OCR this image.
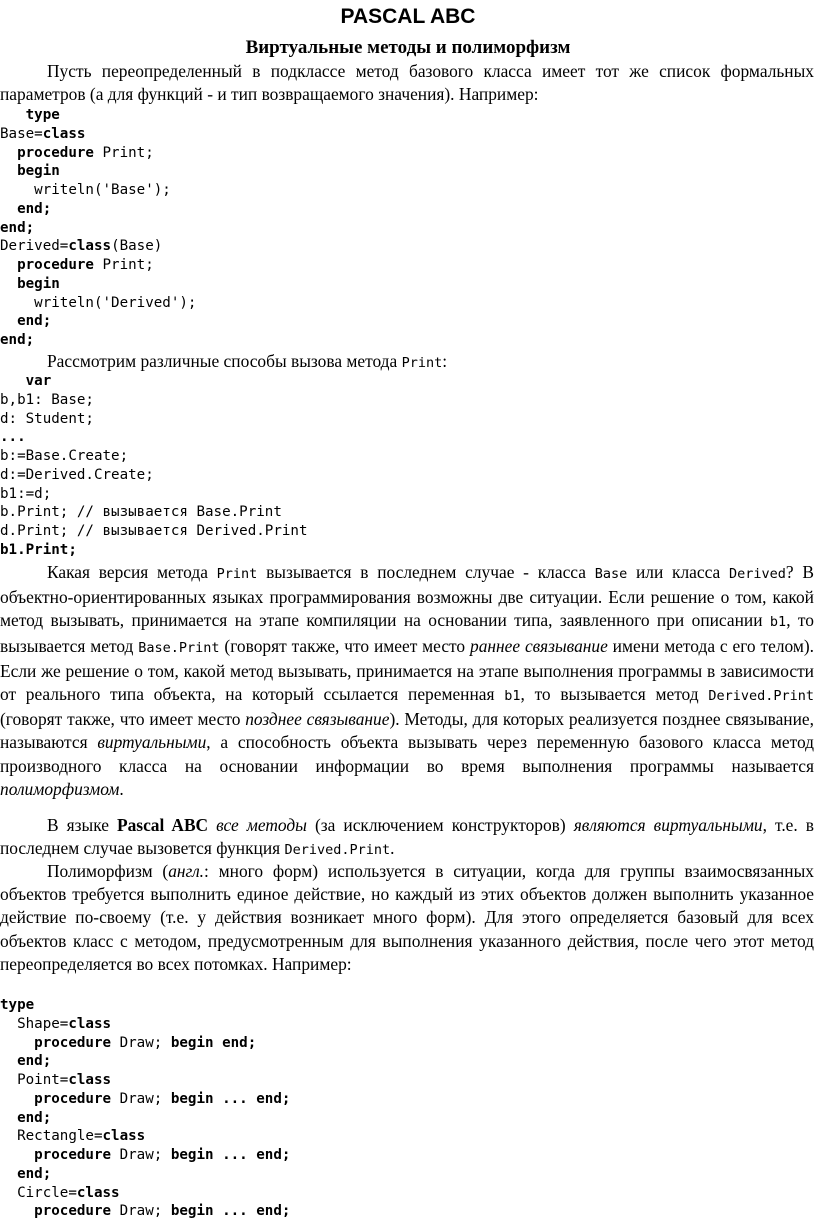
PASCAL ABC
Виртуальные методы и полиморфизм

Пусть переопределенный в подклассе метод базового класса имеет тот же список формальных параметров (а для функций - и тип возвращаемого значения). Например:

type
Base=class
procedure Print;
begin
writeln('Base');
end;
end;
Derived=class(Base)
procedure Print;
begin
writeln('Derived');
end;
end;

Рассмотрим различные способы вызова метода Print:

var
b,b1: Base;
d: Student;
...
b:=Base.Create;
d:=Derived.Create;
b1:=d;
b.Print; // вызывается Base.Print
d.Print; // вызывается Derived.Print
b1.Print;

Какая версия метода Print вызывается в последнем случае - класса Base или класса Derived? В объектно-ориентированных языках программирования возможны две ситуации. Если решение о том, какой метод вызывать, принимается на этапе компиляции на основании типа, заявленного при описании b1, то вызывается метод Base.Print (говорят также, что имеет место раннее связывание имени метода с его телом). Если же решение о том, какой метод вызывать, принимается на этапе выполнения программы в зависимости от реального типа объекта, на который ссылается переменная b1, то вызывается метод Derived.Print (говорят также, что имеет место позднее связывание). Методы, для которых реализуется позднее связывание, называются виртуальными, а способность объекта вызывать через переменную базового класса метод производного класса на основании информации во время выполнения программы называется полиморфизмом.

В языке Pascal ABC все методы (за исключением конструкторов) являются виртуальными, т.е. в последнем случае вызовется функция Derived.Print.

Полиморфизм (англ.: много форм) используется в ситуации, когда для группы взаимосвязанных объектов требуется выполнить единое действие, но каждый из этих объектов должен выполнить указанное действие по-своему (т.е. у действия возникает много форм). Для этого определяется базовый для всех объектов класс с методом, предусмотренным для выполнения указанного действия, после чего этот метод переопределяется во всех потомках. Например:

type
Shape=class
procedure Draw; begin end;
end;
Point=class
procedure Draw; begin ... end;
end;
Rectangle=class
procedure Draw; begin ... end;
end;
Circle=class
procedure Draw; begin ... end;
